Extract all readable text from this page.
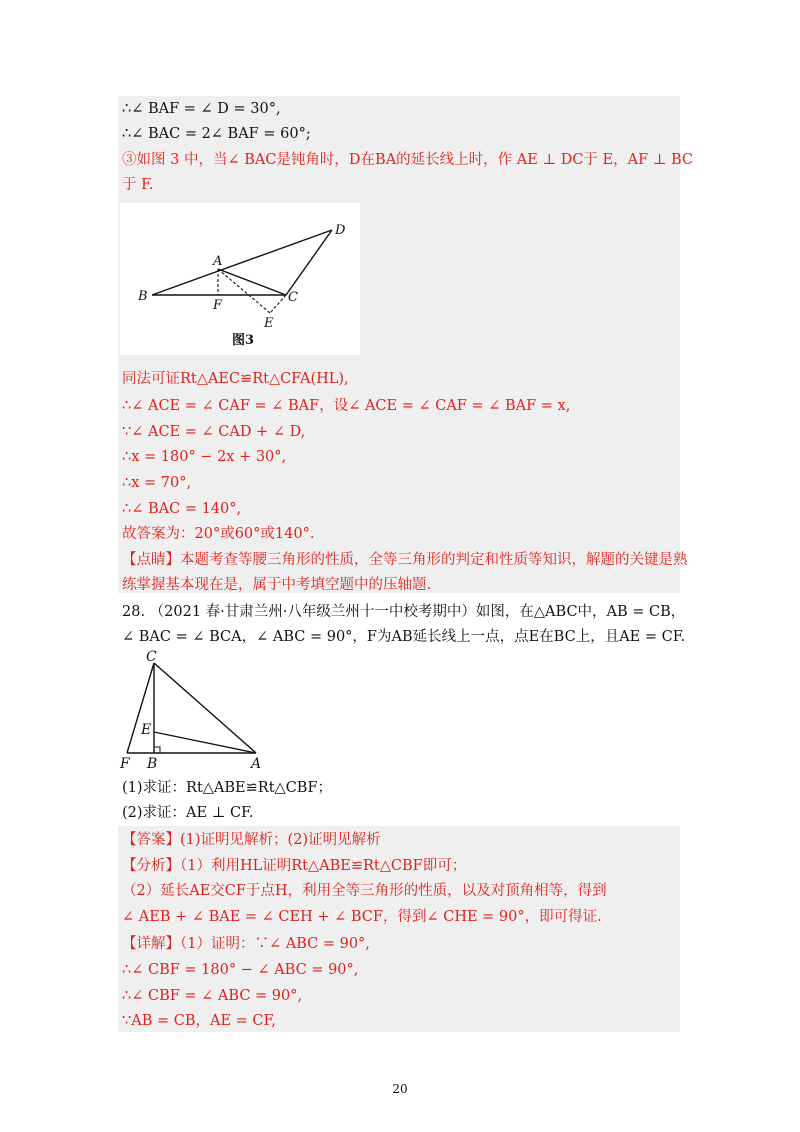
∴∠ BAF = ∠ D = 30°,
∴∠ BAC = 2∠ BAF = 60°;
③如图 3 中，当∠ BAC是钝角时，D在BA的延长线上时，作 AE ⊥ DC于 E，AF ⊥ BC
于 F.
A
B	C
D
E
F
图3
同法可证Rt△AEC≌Rt△CFA(HL),
∴∠ ACE = ∠ CAF = ∠ BAF，设∠ ACE = ∠ CAF = ∠ BAF = x,
∵∠ ACE = ∠ CAD + ∠ D,
∴x = 180° − 2x + 30°,
∴x = 70°,
∴∠ BAC = 140°,
故答案为：20°或60°或140°.
【点睛】本题考查等腰三角形的性质，全等三角形的判定和性质等知识，解题的关键是熟
练掌握基本现在是，属于中考填空题中的压轴题.
28. （2021 春·甘肃兰州·八年级兰州十一中校考期中）如图，在△ABC中，AB = CB，
∠ BAC = ∠ BCA，∠ ABC = 90°，F为AB延长线上一点，点E在BC上，且AE = CF.
C
E
F B	A
(1)求证：Rt△ABE≌Rt△CBF；
(2)求证：AE ⊥ CF.
【答案】(1)证明见解析；(2)证明见解析
【分析】（1）利用HL证明Rt△ABE≌Rt△CBF即可；
（2）延长AE交CF于点H，利用全等三角形的性质，以及对顶角相等，得到
∠ AEB + ∠ BAE = ∠ CEH + ∠ BCF，得到∠ CHE = 90°，即可得证.
【详解】（1）证明：∵∠ ABC = 90°,
∴∠ CBF = 180° − ∠ ABC = 90°,
∴∠ CBF = ∠ ABC = 90°,
∵AB = CB，AE = CF,
20
